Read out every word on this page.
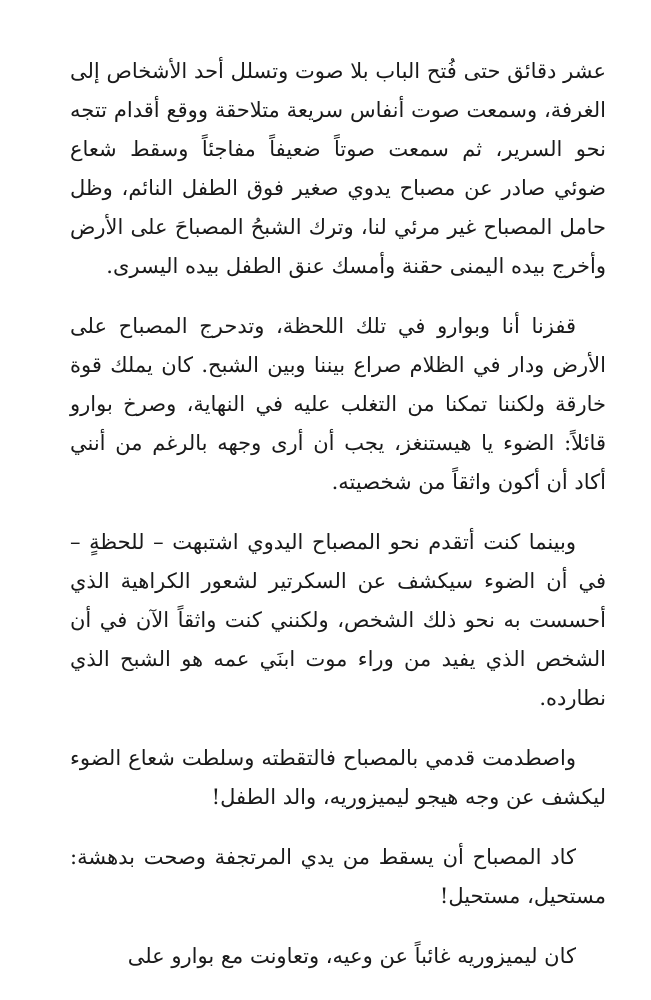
عشر دقائق حتى فُتح الباب بلا صوت وتسلل أحد الأشخاص إلى الغرفة، وسمعت صوت أنفاس سريعة متلاحقة ووقع أقدام تتجه نحو السرير، ثم سمعت صوتاً ضعيفاً مفاجئاً وسقط شعاع ضوئي صادر عن مصباح يدوي صغير فوق الطفل النائم، وظل حامل المصباح غير مرئي لنا، وترك الشبحُ المصباحَ على الأرض وأخرج بيده اليمنى حقنة وأمسك عنق الطفل بيده اليسرى.

قفزنا أنا وبوارو في تلك اللحظة، وتدحرج المصباح على الأرض ودار في الظلام صراع بيننا وبين الشبح. كان يملك قوة خارقة ولكننا تمكنا من التغلب عليه في النهاية، وصرخ بوارو قائلاً: الضوء يا هيستنغز، يجب أن أرى وجهه بالرغم من أنني أكاد أن أكون واثقاً من شخصيته.

وبينما كنت أتقدم نحو المصباح اليدوي اشتبهت – للحظةٍ – في أن الضوء سيكشف عن السكرتير لشعور الكراهية الذي أحسست به نحو ذلك الشخص، ولكنني كنت واثقاً الآن في أن الشخص الذي يفيد من وراء موت ابنَي عمه هو الشبح الذي نطارده.

واصطدمت قدمي بالمصباح فالتقطته وسلطت شعاع الضوء ليكشف عن وجه هيجو ليميزوريه، والد الطفل!

كاد المصباح أن يسقط من يدي المرتجفة وصحت بدهشة: مستحيل، مستحيل!

كان ليميزوريه غائباً عن وعيه، وتعاونت مع بوارو على
